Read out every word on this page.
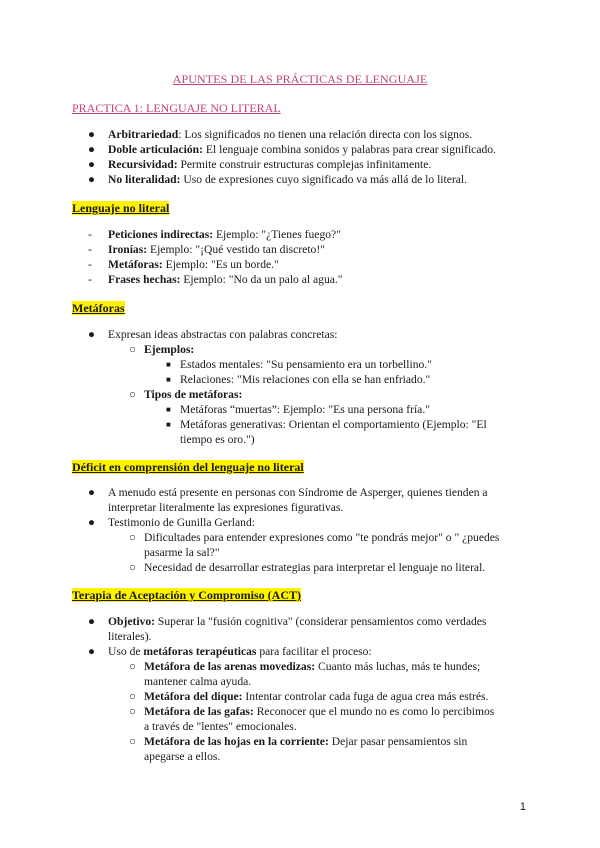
APUNTES DE LAS PRÁCTICAS DE LENGUAJE
PRACTICA 1: LENGUAJE NO LITERAL
● Arbitrariedad: Los significados no tienen una relación directa con los signos.
● Doble articulación: El lenguaje combina sonidos y palabras para crear significado.
● Recursividad: Permite construir estructuras complejas infinitamente.
● No literalidad: Uso de expresiones cuyo significado va más allá de lo literal.
Lenguaje no literal
- Peticiones indirectas: Ejemplo: "¿Tienes fuego?"
- Ironías: Ejemplo: "¡Qué vestido tan discreto!"
- Metáforas: Ejemplo: "Es un borde."
- Frases hechas: Ejemplo: "No da un palo al agua."
Metáforas
● Expresan ideas abstractas con palabras concretas:
○ Ejemplos:
■ Estados mentales: "Su pensamiento era un torbellino."
■ Relaciones: "Mis relaciones con ella se han enfriado."
○ Tipos de metáforas:
■ Metáforas “muertas”: Ejemplo: "Es una persona fría."
■ Metáforas generativas: Orientan el comportamiento (Ejemplo: "El
tiempo es oro.")
Déficit en comprensión del lenguaje no literal
● A menudo está presente en personas con Síndrome de Asperger, quienes tienden a
interpretar literalmente las expresiones figurativas.
● Testimonio de Gunilla Gerland:
○ Dificultades para entender expresiones como "te pondrás mejor" o " ¿puedes
pasarme la sal?"
○ Necesidad de desarrollar estrategias para interpretar el lenguaje no literal.
Terapia de Aceptación y Compromiso (ACT)
● Objetivo: Superar la "fusión cognitiva" (considerar pensamientos como verdades
literales).
● Uso de metáforas terapéuticas para facilitar el proceso:
○ Metáfora de las arenas movedizas: Cuanto más luchas, más te hundes;
mantener calma ayuda.
○ Metáfora del dique: Intentar controlar cada fuga de agua crea más estrés.
○ Metáfora de las gafas: Reconocer que el mundo no es como lo percibimos
a través de "lentes" emocionales.
○ Metáfora de las hojas en la corriente: Dejar pasar pensamientos sin
apegarse a ellos.
1
